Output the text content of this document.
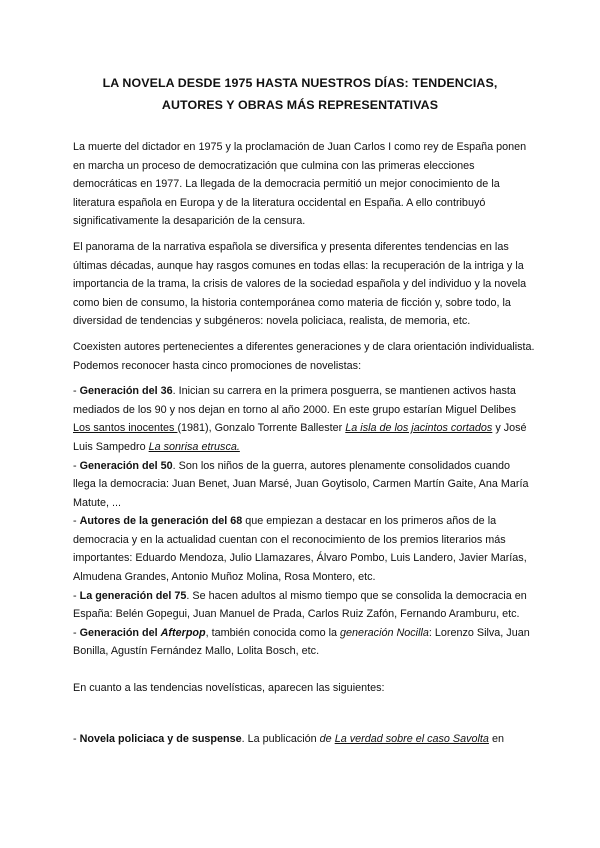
LA NOVELA DESDE 1975 HASTA NUESTROS DÍAS: TENDENCIAS,
AUTORES Y OBRAS MÁS REPRESENTATIVAS

La muerte del dictador en 1975 y la proclamación de Juan Carlos I como rey de España ponen en marcha un proceso de democratización que culmina con las primeras elecciones democráticas en 1977. La llegada de la democracia permitió un mejor conocimiento de la literatura española en Europa y de la literatura occidental en España. A ello contribuyó significativamente la desaparición de la censura.

El panorama de la narrativa española se diversifica y presenta diferentes tendencias en las últimas décadas, aunque hay rasgos comunes en todas ellas: la recuperación de la intriga y la importancia de la trama, la crisis de valores de la sociedad española y del individuo y la novela como bien de consumo, la historia contemporánea como materia de ficción y, sobre todo, la diversidad de tendencias y subgéneros: novela policiaca, realista, de memoria, etc.

Coexisten autores pertenecientes a diferentes generaciones y de clara orientación individualista. Podemos reconocer hasta cinco promociones de novelistas:

- Generación del 36. Inician su carrera en la primera posguerra, se mantienen activos hasta mediados de los 90 y nos dejan en torno al año 2000. En este grupo estarían Miguel Delibes Los santos inocentes (1981), Gonzalo Torrente Ballester La isla de los jacintos cortados y José Luis Sampedro La sonrisa etrusca.

- Generación del 50. Son los niños de la guerra, autores plenamente consolidados cuando llega la democracia: Juan Benet, Juan Marsé, Juan Goytisolo, Carmen Martín Gaite, Ana María Matute, ...

- Autores de la generación del 68 que empiezan a destacar en los primeros años de la democracia y en la actualidad cuentan con el reconocimiento de los premios literarios más importantes: Eduardo Mendoza, Julio Llamazares, Álvaro Pombo, Luis Landero, Javier Marías, Almudena Grandes, Antonio Muñoz Molina, Rosa Montero, etc.

- La generación del 75. Se hacen adultos al mismo tiempo que se consolida la democracia en España: Belén Gopegui, Juan Manuel de Prada, Carlos Ruiz Zafón, Fernando Aramburu, etc.

- Generación del Afterpop, también conocida como la generación Nocilla: Lorenzo Silva, Juan Bonilla, Agustín Fernández Mallo, Lolita Bosch, etc.

En cuanto a las tendencias novelísticas, aparecen las siguientes:

- Novela policiaca y de suspense. La publicación de La verdad sobre el caso Savolta en
